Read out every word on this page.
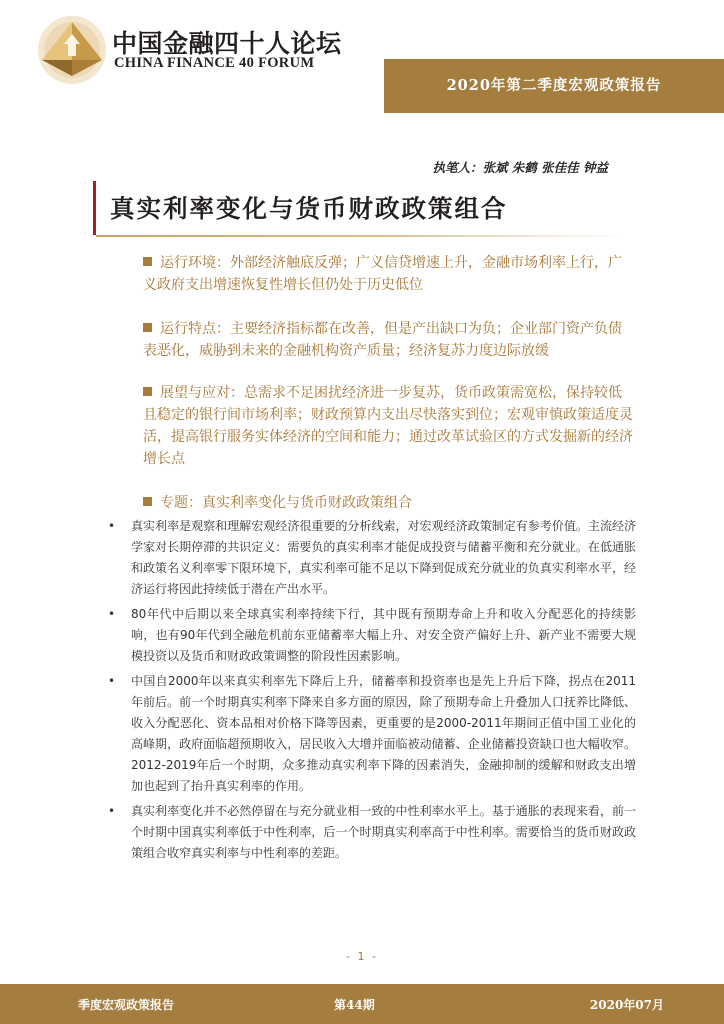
中国金融四十人论坛
CHINA FINANCE 40 FORUM
2020年第二季度宏观政策报告
执笔人：张斌 朱鹤 张佳佳 钟益
真实利率变化与货币财政政策组合
运行环境：外部经济触底反弹；广义信贷增速上升，金融市场利率上行，广义政府支出增速恢复性增长但仍处于历史低位
运行特点：主要经济指标都在改善，但是产出缺口为负；企业部门资产负债表恶化，威胁到未来的金融机构资产质量；经济复苏力度边际放缓
展望与应对：总需求不足困扰经济进一步复苏，货币政策需宽松，保持较低且稳定的银行间市场利率；财政预算内支出尽快落实到位；宏观审慎政策适度灵活，提高银行服务实体经济的空间和能力；通过改革试验区的方式发掘新的经济增长点
专题：真实利率变化与货币财政政策组合
• 真实利率是观察和理解宏观经济很重要的分析线索，对宏观经济政策制定有参考价值。主流经济学家对长期停滞的共识定义：需要负的真实利率才能促成投资与储蓄平衡和充分就业。在低通胀和政策名义利率零下限环境下，真实利率可能不足以下降到促成充分就业的负真实利率水平，经济运行将因此持续低于潜在产出水平。
• 80年代中后期以来全球真实利率持续下行，其中既有预期寿命上升和收入分配恶化的持续影响，也有90年代到全融危机前东亚储蓄率大幅上升、对安全资产偏好上升、新产业不需要大规模投资以及货币和财政政策调整的阶段性因素影响。
• 中国自2000年以来真实利率先下降后上升，储蓄率和投资率也是先上升后下降，拐点在2011年前后。前一个时期真实利率下降来自多方面的原因，除了预期寿命上升叠加人口抚养比降低、收入分配恶化、资本品相对价格下降等因素，更重要的是2000-2011年期间正值中国工业化的高峰期，政府面临超预期收入，居民收入大增并面临被动储蓄、企业储蓄投资缺口也大幅收窄。2012-2019年后一个时期，众多推动真实利率下降的因素消失，金融抑制的缓解和财政支出增加也起到了抬升真实利率的作用。
• 真实利率变化并不必然停留在与充分就业相一致的中性利率水平上。基于通胀的表现来看，前一个时期中国真实利率低于中性利率，后一个时期真实利率高于中性利率。需要恰当的货币财政政策组合收窄真实利率与中性利率的差距。
- 1 -
季度宏观政策报告	第44期	2020年07月
